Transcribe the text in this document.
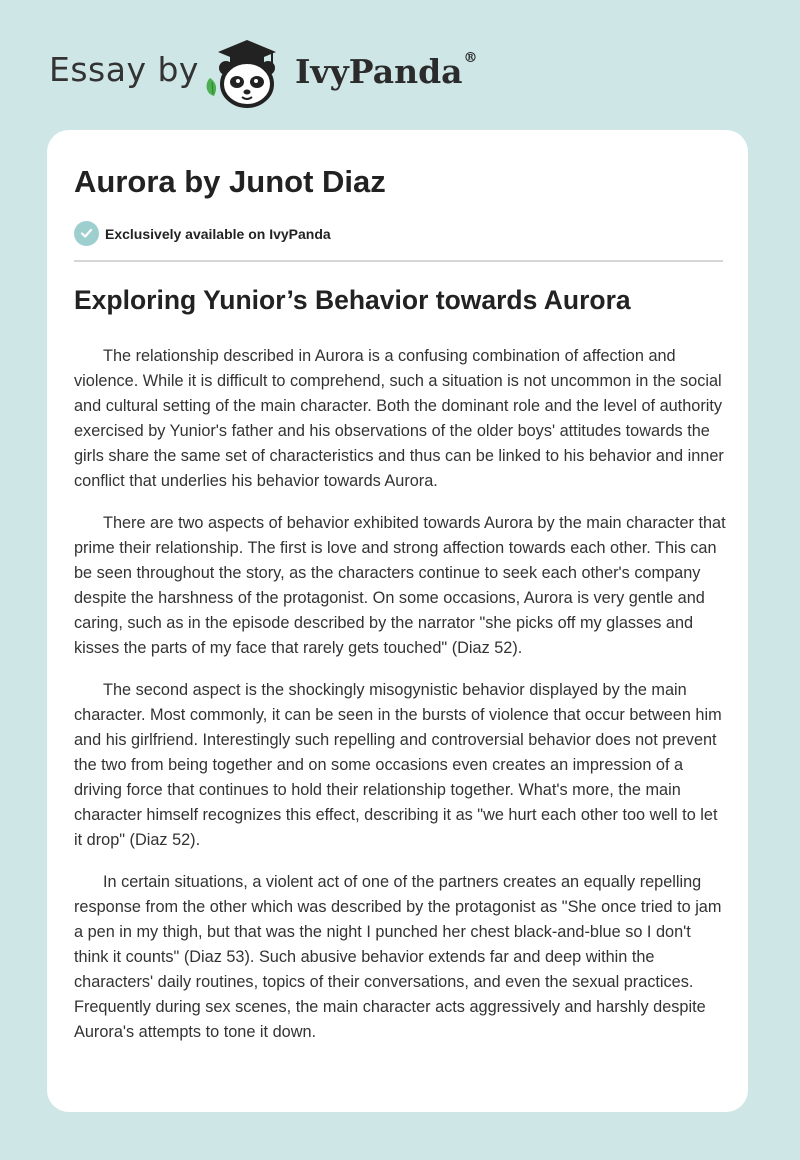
Essay by	IvyPanda®
Aurora by Junot Diaz
Exclusively available on IvyPanda
Exploring Yunior’s Behavior towards Aurora

The relationship described in Aurora is a confusing combination of affection and violence. While it is difficult to comprehend, such a situation is not uncommon in the social and cultural setting of the main character. Both the dominant role and the level of authority exercised by Yunior's father and his observations of the older boys' attitudes towards the girls share the same set of characteristics and thus can be linked to his behavior and inner conflict that underlies his behavior towards Aurora.

There are two aspects of behavior exhibited towards Aurora by the main character that prime their relationship. The first is love and strong affection towards each other. This can be seen throughout the story, as the characters continue to seek each other's company despite the harshness of the protagonist. On some occasions, Aurora is very gentle and caring, such as in the episode described by the narrator "she picks off my glasses and kisses the parts of my face that rarely gets touched" (Diaz 52).

The second aspect is the shockingly misogynistic behavior displayed by the main character. Most commonly, it can be seen in the bursts of violence that occur between him and his girlfriend. Interestingly such repelling and controversial behavior does not prevent the two from being together and on some occasions even creates an impression of a driving force that continues to hold their relationship together. What's more, the main character himself recognizes this effect, describing it as "we hurt each other too well to let it drop" (Diaz 52).

In certain situations, a violent act of one of the partners creates an equally repelling response from the other which was described by the protagonist as "She once tried to jam a pen in my thigh, but that was the night I punched her chest black-and-blue so I don't think it counts" (Diaz 53). Such abusive behavior extends far and deep within the characters' daily routines, topics of their conversations, and even the sexual practices. Frequently during sex scenes, the main character acts aggressively and harshly despite Aurora's attempts to tone it down.
